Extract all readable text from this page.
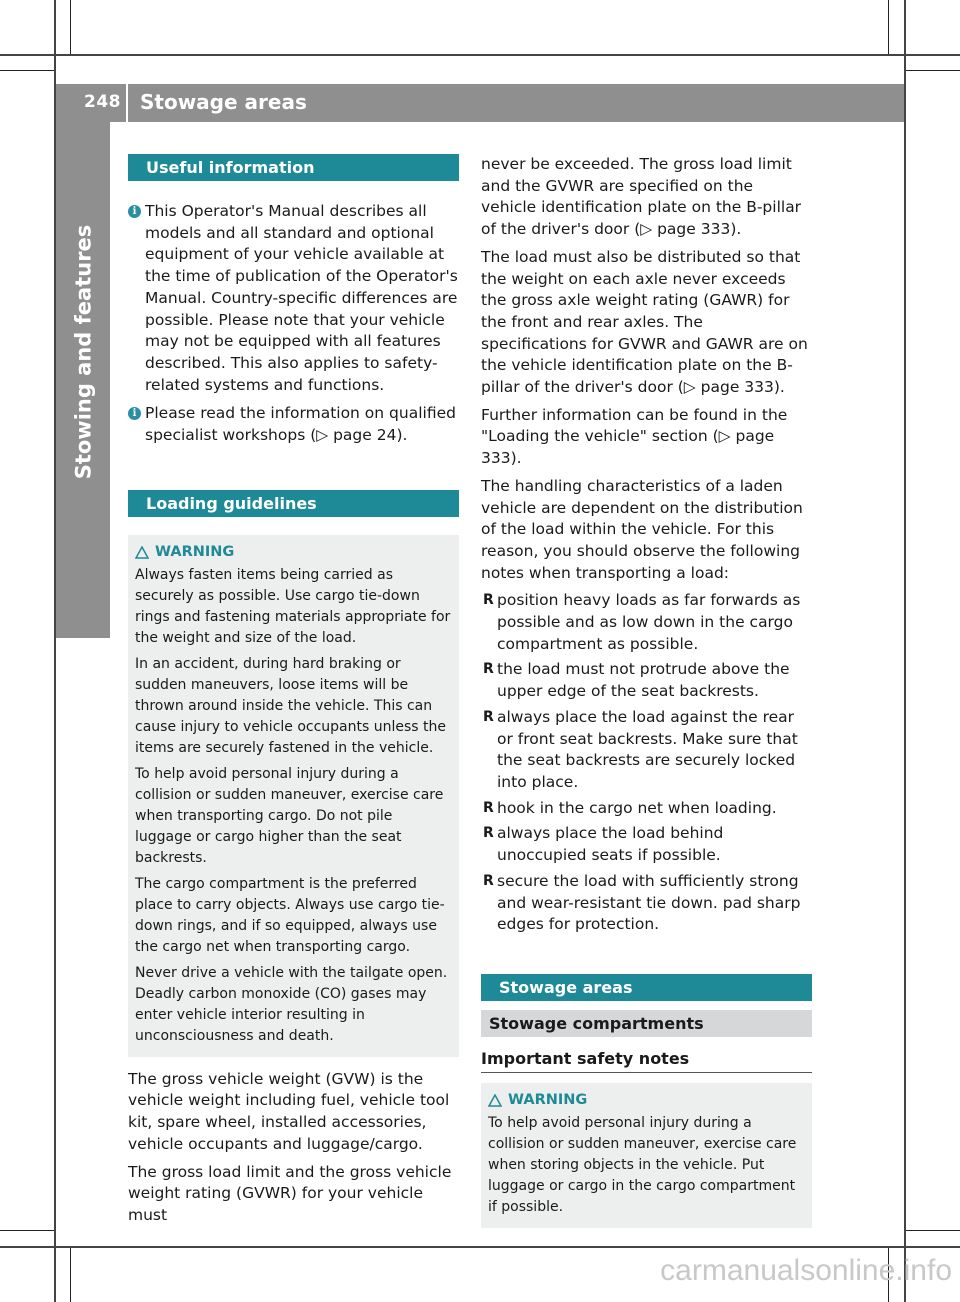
248 Stowage areas
Stowing and features
Useful information
i This Operator's Manual describes all models and all standard and optional equipment of your vehicle available at the time of publication of the Operator's Manual. Country-specific differences are possible. Please note that your vehicle may not be equipped with all features described. This also applies to safety-related systems and functions.
i Please read the information on qualified specialist workshops (▷ page 24).
Loading guidelines
WARNING
Always fasten items being carried as securely as possible. Use cargo tie-down rings and fastening materials appropriate for the weight and size of the load.
In an accident, during hard braking or sudden maneuvers, loose items will be thrown around inside the vehicle. This can cause injury to vehicle occupants unless the items are securely fastened in the vehicle.
To help avoid personal injury during a collision or sudden maneuver, exercise care when transporting cargo. Do not pile luggage or cargo higher than the seat backrests.
The cargo compartment is the preferred place to carry objects. Always use cargo tie-down rings, and if so equipped, always use the cargo net when transporting cargo.
Never drive a vehicle with the tailgate open. Deadly carbon monoxide (CO) gases may enter vehicle interior resulting in unconsciousness and death.

The gross vehicle weight (GVW) is the vehicle weight including fuel, vehicle tool kit, spare wheel, installed accessories, vehicle occupants and luggage/cargo.

The gross load limit and the gross vehicle weight rating (GVWR) for your vehicle must

never be exceeded. The gross load limit and the GVWR are specified on the vehicle identification plate on the B-pillar of the driver's door (▷ page 333).

The load must also be distributed so that the weight on each axle never exceeds the gross axle weight rating (GAWR) for the front and rear axles. The specifications for GVWR and GAWR are on the vehicle identification plate on the B-pillar of the driver's door (▷ page 333).

Further information can be found in the "Loading the vehicle" section (▷ page 333).

The handling characteristics of a laden vehicle are dependent on the distribution of the load within the vehicle. For this reason, you should observe the following notes when transporting a load:

R position heavy loads as far forwards as possible and as low down in the cargo compartment as possible.
R the load must not protrude above the upper edge of the seat backrests.
R always place the load against the rear or front seat backrests. Make sure that the seat backrests are securely locked into place.
R hook in the cargo net when loading.
R always place the load behind unoccupied seats if possible.
R secure the load with sufficiently strong and wear-resistant tie down. pad sharp edges for protection.
Stowage areas
Stowage compartments
Important safety notes
WARNING
To help avoid personal injury during a collision or sudden maneuver, exercise care when storing objects in the vehicle. Put luggage or cargo in the cargo compartment if possible.
carmanualsonline.info
